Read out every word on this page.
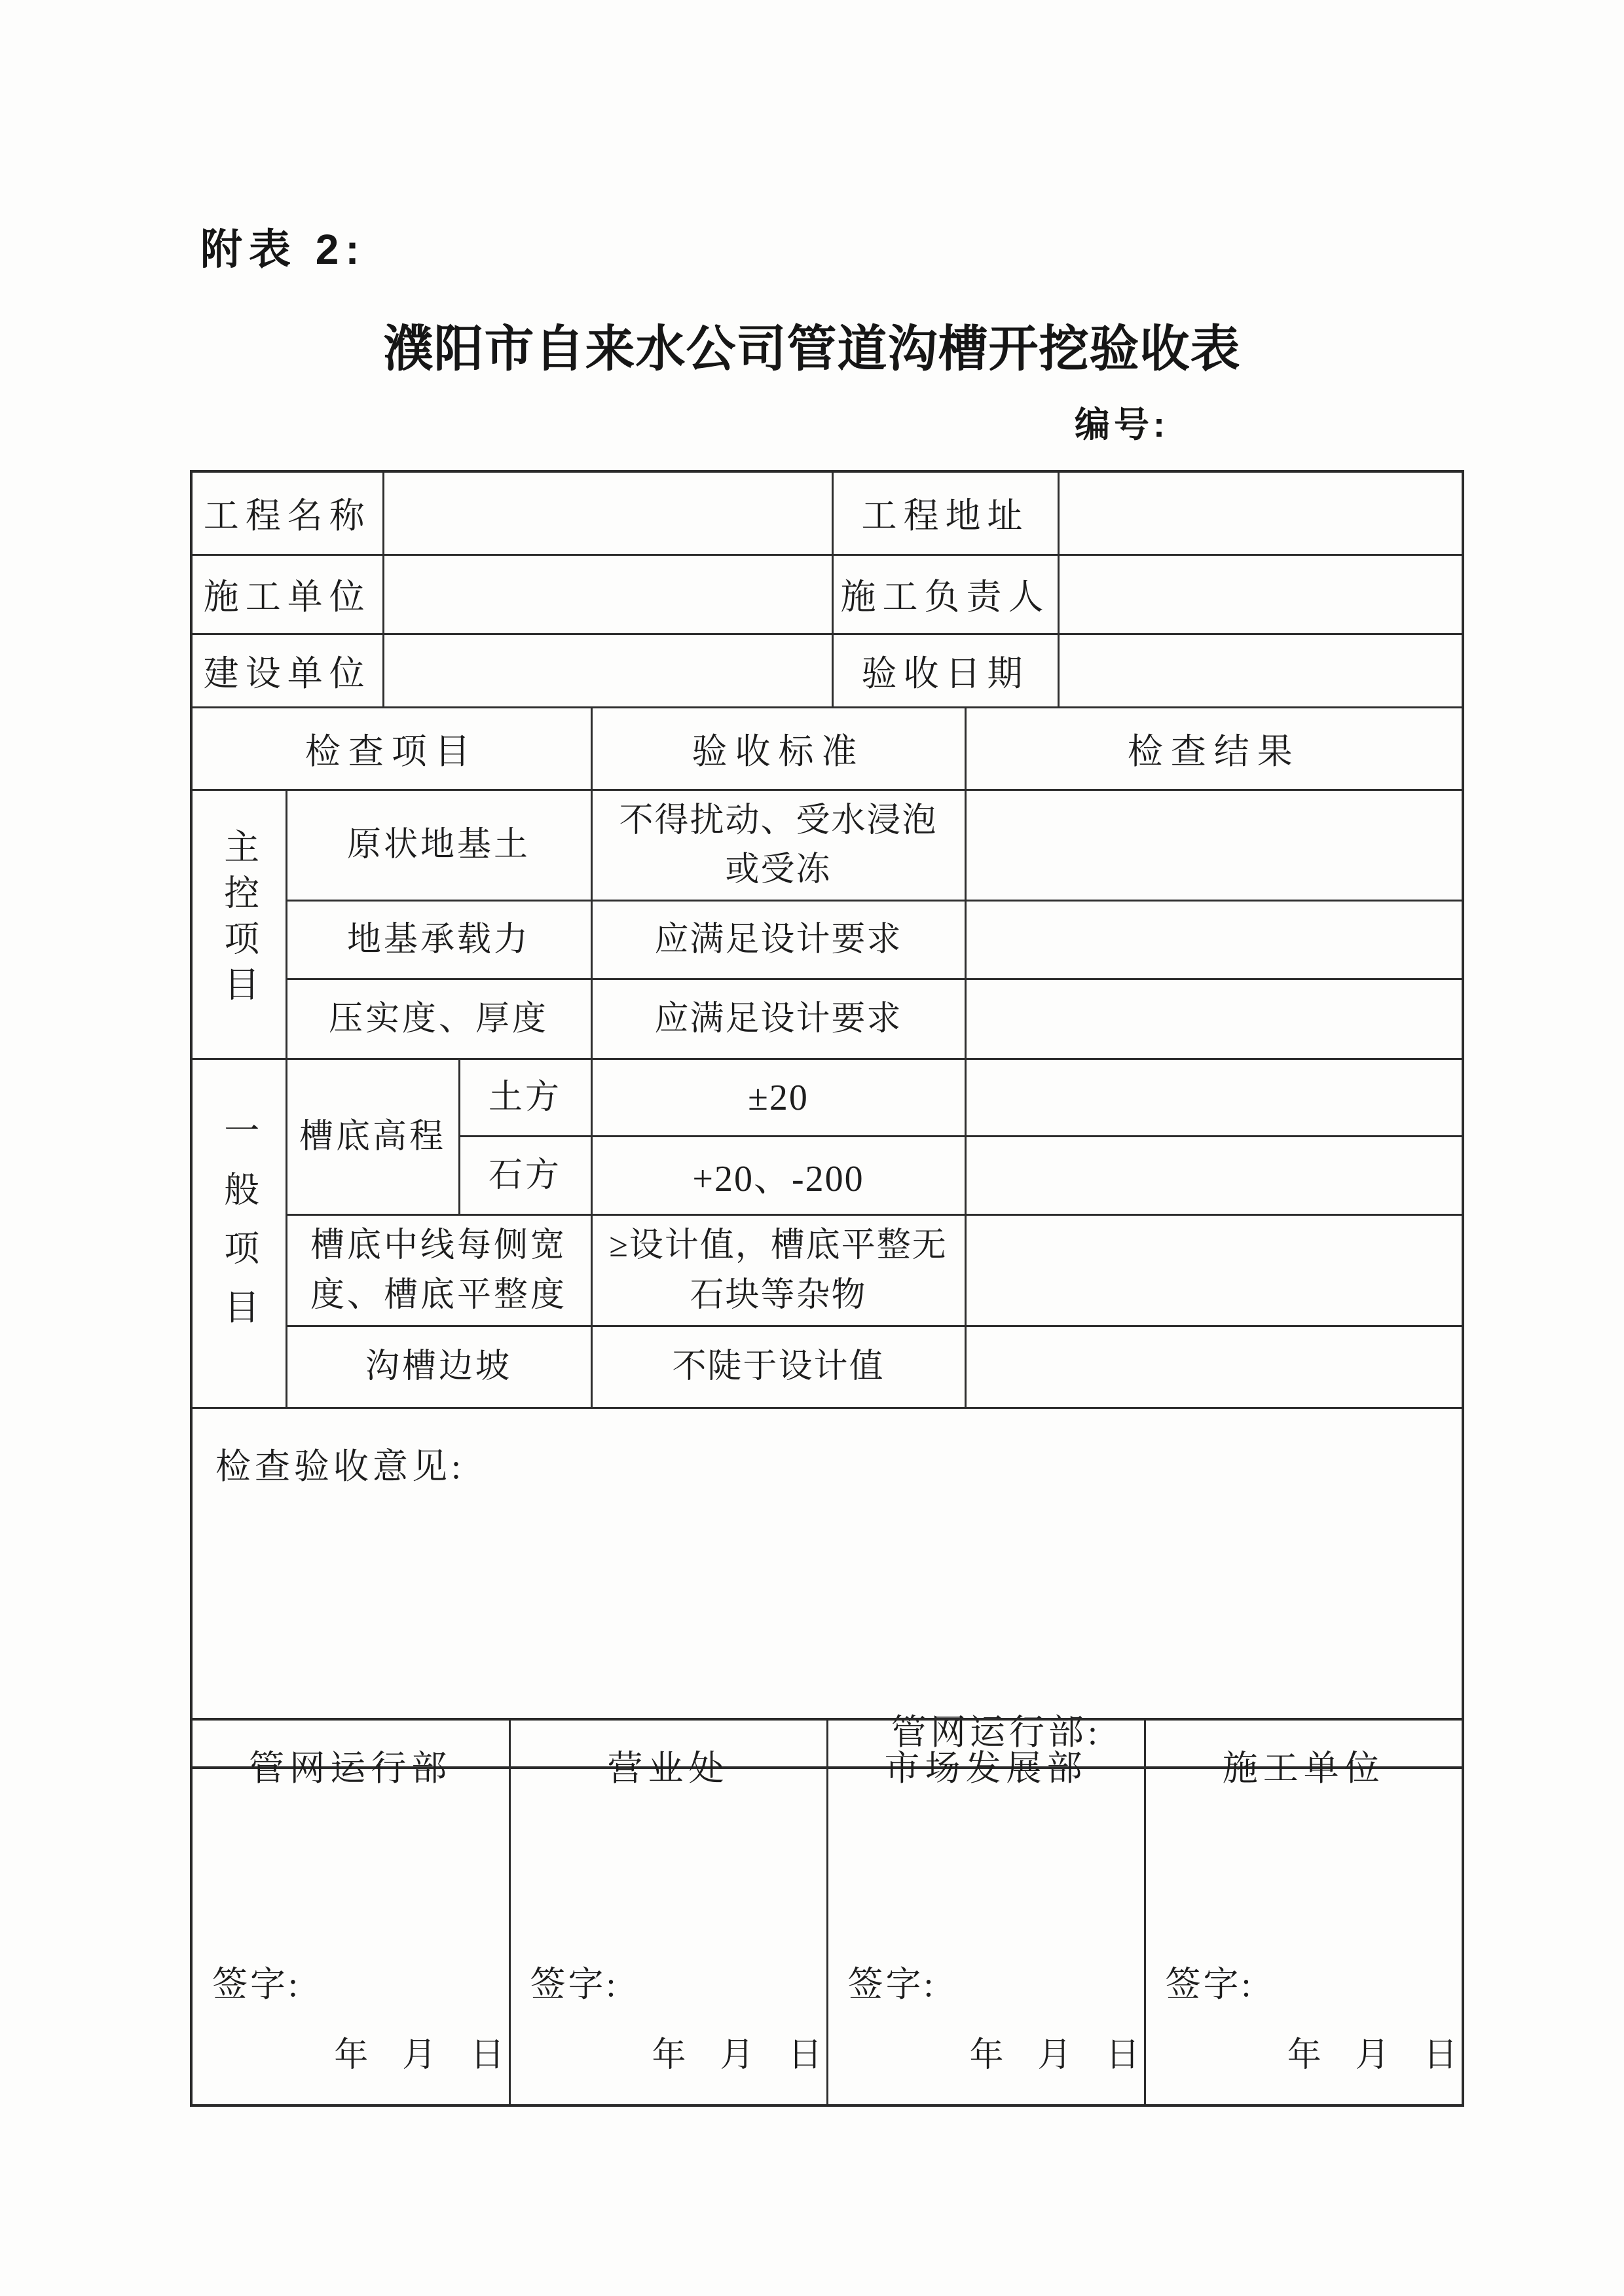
附表 2:
濮阳市自来水公司管道沟槽开挖验收表
编号:
工程名称					工程地址		
施工单位					施工负责人		
建设单位					验收日期		
检查项目				验收标准		检查结果	
主控项目	原状地基土			不得扰动、受水浸泡或受冻			
	地基承载力			应满足设计要求			
	压实度、厚度			应满足设计要求			
一般项目	槽底高程		土方	±20			
			石方	+20、-200			
	槽底中线每侧宽度、槽底平整度			≥设计值，槽底平整无石块等杂物			
	沟槽边坡			不陡于设计值			

检查验收意见:
管网运行部:							
管网运行部
签字:
年　月　日

营业处
签字:
年　月　日

市场发展部
签字:
年　月　日

施工单位
签字:
年　月　日
